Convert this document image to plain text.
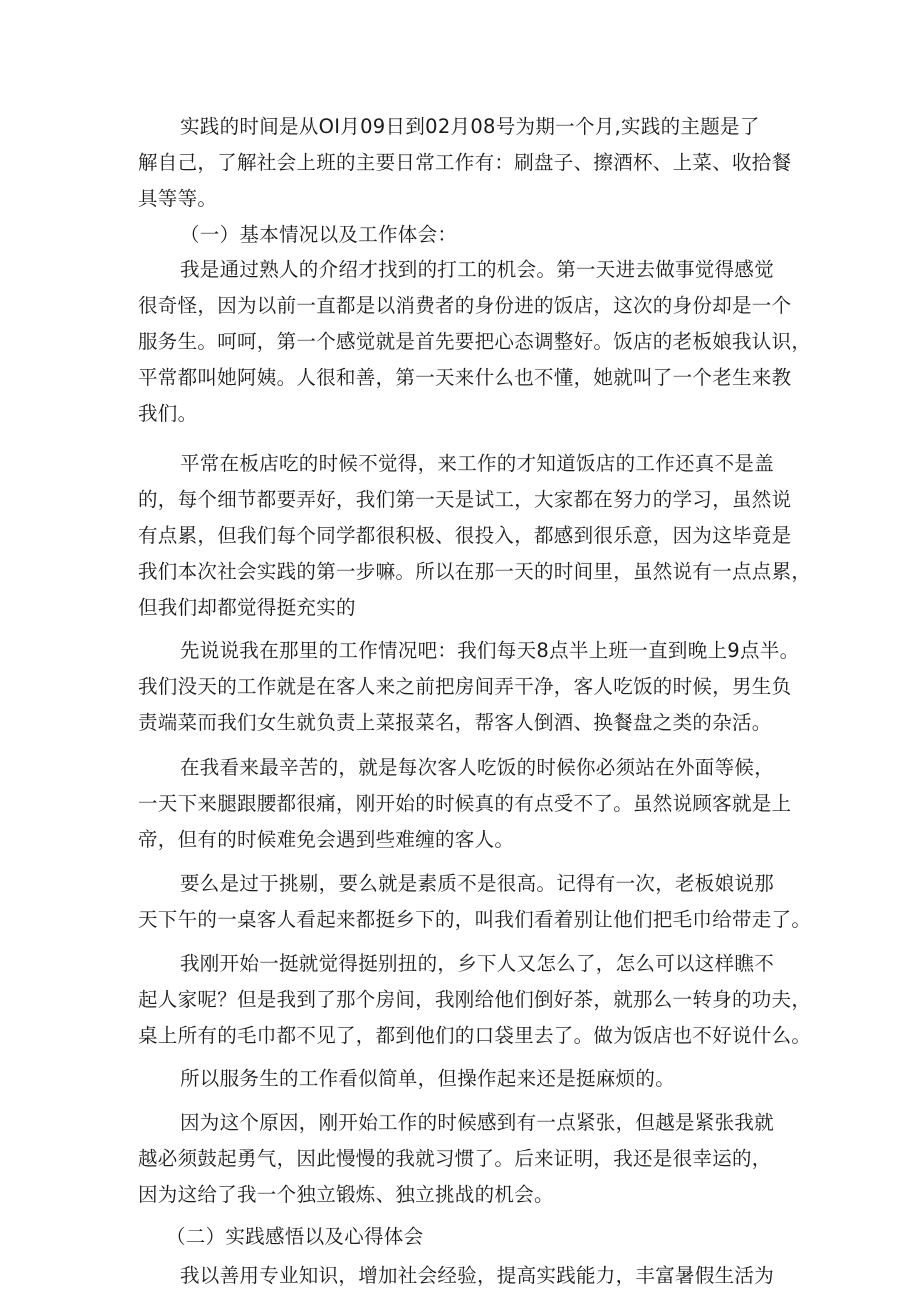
实践的时间是从OI月09日到02月08号为期一个月,实践的主题是了
解自己，了解社会上班的主要日常工作有：刷盘子、擦酒杯、上菜、收拾餐
具等等。
（一）基本情况以及工作体会：
我是通过熟人的介绍才找到的打工的机会。第一天进去做事觉得感觉
很奇怪，因为以前一直都是以消费者的身份进的饭店，这次的身份却是一个
服务生。呵呵，第一个感觉就是首先要把心态调整好。饭店的老板娘我认识，
平常都叫她阿姨。人很和善，第一天来什么也不懂，她就叫了一个老生来教
我们。
平常在板店吃的时候不觉得，来工作的才知道饭店的工作还真不是盖
的，每个细节都要弄好，我们第一天是试工，大家都在努力的学习，虽然说
有点累，但我们每个同学都很积极、很投入，都感到很乐意，因为这毕竟是
我们本次社会实践的第一步嘛。所以在那一天的时间里，虽然说有一点点累，
但我们却都觉得挺充实的
先说说我在那里的工作情况吧：我们每天8点半上班一直到晚上9点半。
我们没天的工作就是在客人来之前把房间弄干净，客人吃饭的时候，男生负
责端菜而我们女生就负责上菜报菜名，帮客人倒酒、换餐盘之类的杂活。
在我看来最辛苦的，就是每次客人吃饭的时候你必须站在外面等候，
一天下来腿跟腰都很痛，刚开始的时候真的有点受不了。虽然说顾客就是上
帝，但有的时候难免会遇到些难缠的客人。
要么是过于挑剔，要么就是素质不是很高。记得有一次，老板娘说那
天下午的一桌客人看起来都挺乡下的，叫我们看着别让他们把毛巾给带走了。
我刚开始一挺就觉得挺别扭的，乡下人又怎么了，怎么可以这样瞧不
起人家呢？但是我到了那个房间，我刚给他们倒好茶，就那么一转身的功夫，
桌上所有的毛巾都不见了，都到他们的口袋里去了。做为饭店也不好说什么。
所以服务生的工作看似简单，但操作起来还是挺麻烦的。
因为这个原因，刚开始工作的时候感到有一点紧张，但越是紧张我就
越必须鼓起勇气，因此慢慢的我就习惯了。后来证明，我还是很幸运的，
因为这给了我一个独立锻炼、独立挑战的机会。
（二）实践感悟以及心得体会
我以善用专业知识，增加社会经验，提高实践能力，丰富暑假生活为
